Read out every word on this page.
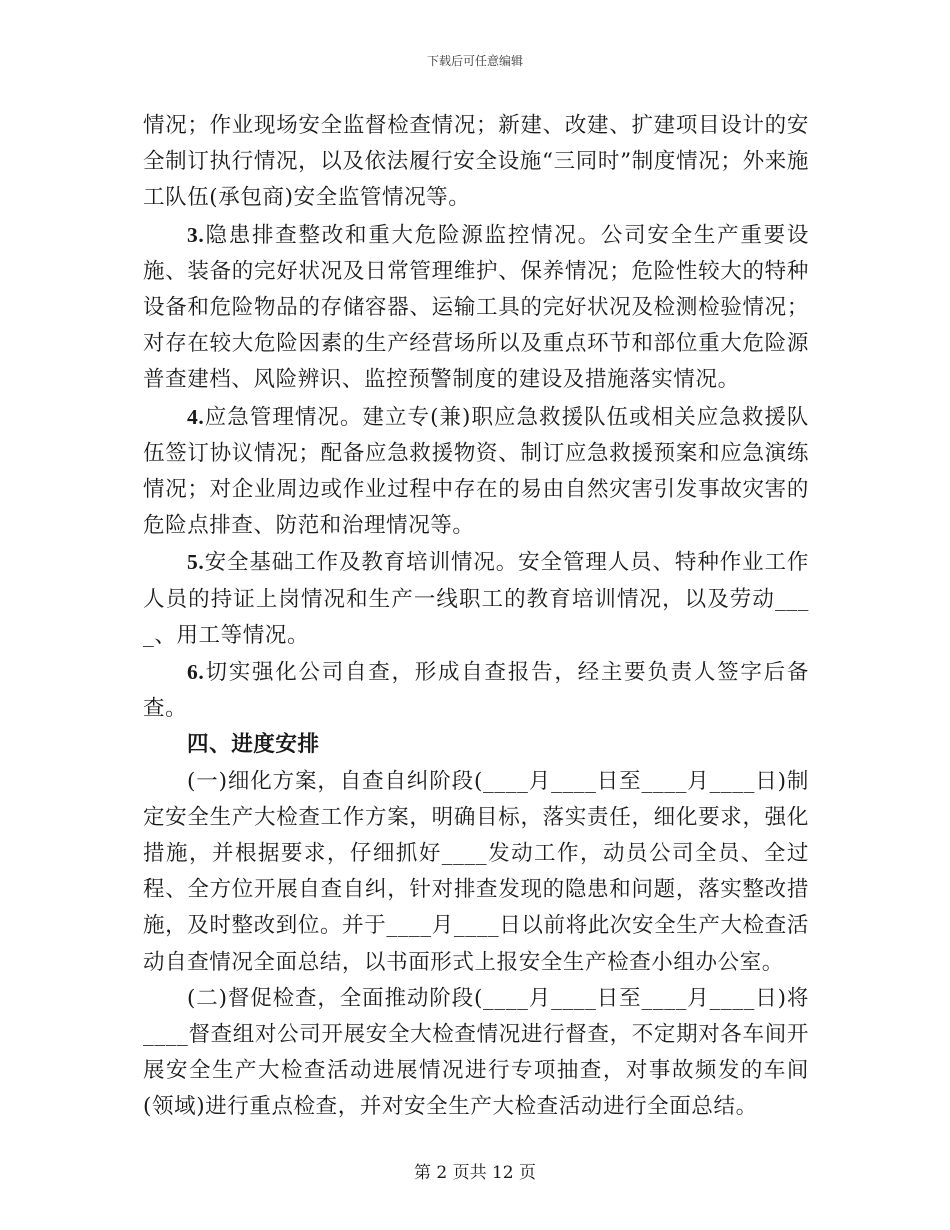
下载后可任意编辑

情况；作业现场安全监督检查情况；新建、改建、扩建项目设计的安全制订执行情况，以及依法履行安全设施“三同时”制度情况；外来施工队伍(承包商)安全监管情况等。

3.隐患排查整改和重大危险源监控情况。公司安全生产重要设施、装备的完好状况及日常管理维护、保养情况；危险性较大的特种设备和危险物品的存储容器、运输工具的完好状况及检测检验情况；对存在较大危险因素的生产经营场所以及重点环节和部位重大危险源普查建档、风险辨识、监控预警制度的建设及措施落实情况。

4.应急管理情况。建立专(兼)职应急救援队伍或相关应急救援队伍签订协议情况；配备应急救援物资、制订应急救援预案和应急演练情况；对企业周边或作业过程中存在的易由自然灾害引发事故灾害的危险点排查、防范和治理情况等。

5.安全基础工作及教育培训情况。安全管理人员、特种作业工作人员的持证上岗情况和生产一线职工的教育培训情况，以及劳动____、用工等情况。

6.切实强化公司自查，形成自查报告，经主要负责人签字后备查。

四、进度安排

(一)细化方案，自查自纠阶段(____月____日至____月____日)制定安全生产大检查工作方案，明确目标，落实责任，细化要求，强化措施，并根据要求，仔细抓好____发动工作，动员公司全员、全过程、全方位开展自查自纠，针对排查发现的隐患和问题，落实整改措施，及时整改到位。并于____月____日以前将此次安全生产大检查活动自查情况全面总结，以书面形式上报安全生产检查小组办公室。

(二)督促检查，全面推动阶段(____月____日至____月____日)将____督查组对公司开展安全大检查情况进行督查，不定期对各车间开展安全生产大检查活动进展情况进行专项抽查，对事故频发的车间(领域)进行重点检查，并对安全生产大检查活动进行全面总结。

第 2 页共 12 页
